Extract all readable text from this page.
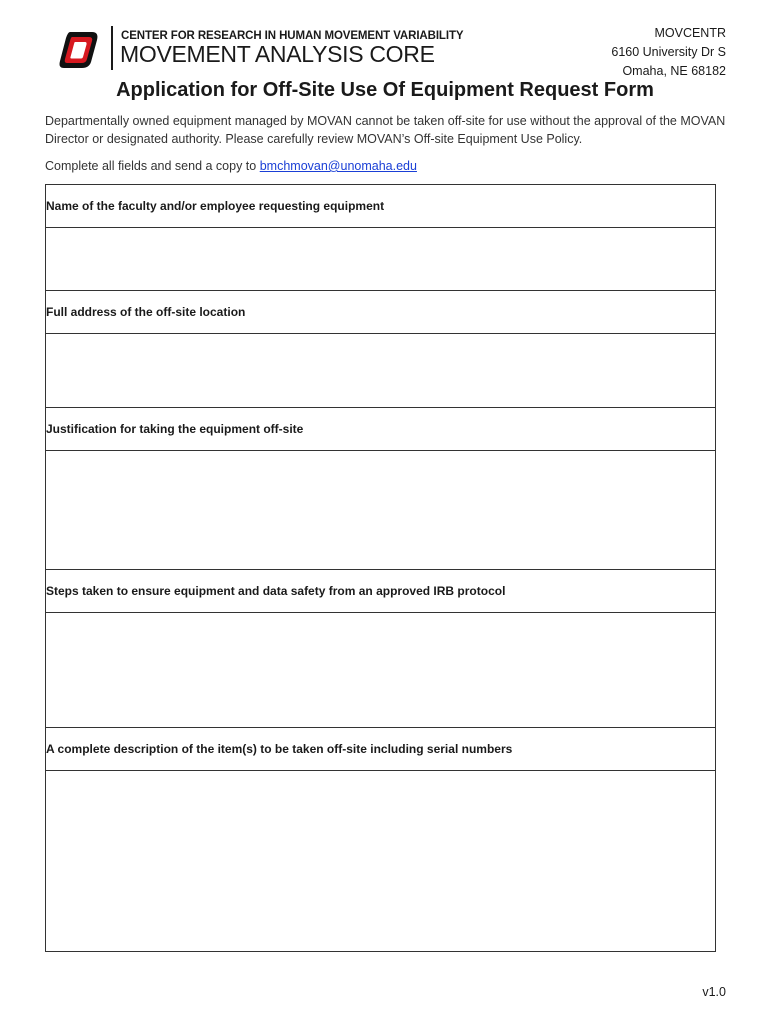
CENTER FOR RESEARCH IN HUMAN MOVEMENT VARIABILITY
MOVEMENT ANALYSIS CORE
MOVCENTR
6160 University Dr S
Omaha, NE 68182
Application for Off-Site Use Of Equipment Request Form

Departmentally owned equipment managed by MOVAN cannot be taken off-site for use without the approval of the MOVAN Director or designated authority. Please carefully review MOVAN’s Off-site Equipment Use Policy.

Complete all fields and send a copy to bmchmovan@unomaha.edu

Name of the faculty and/or employee requesting equipment
Full address of the off-site location
Justification for taking the equipment off-site
Steps taken to ensure equipment and data safety from an approved IRB protocol
A complete description of the item(s) to be taken off-site including serial numbers
v1.0
